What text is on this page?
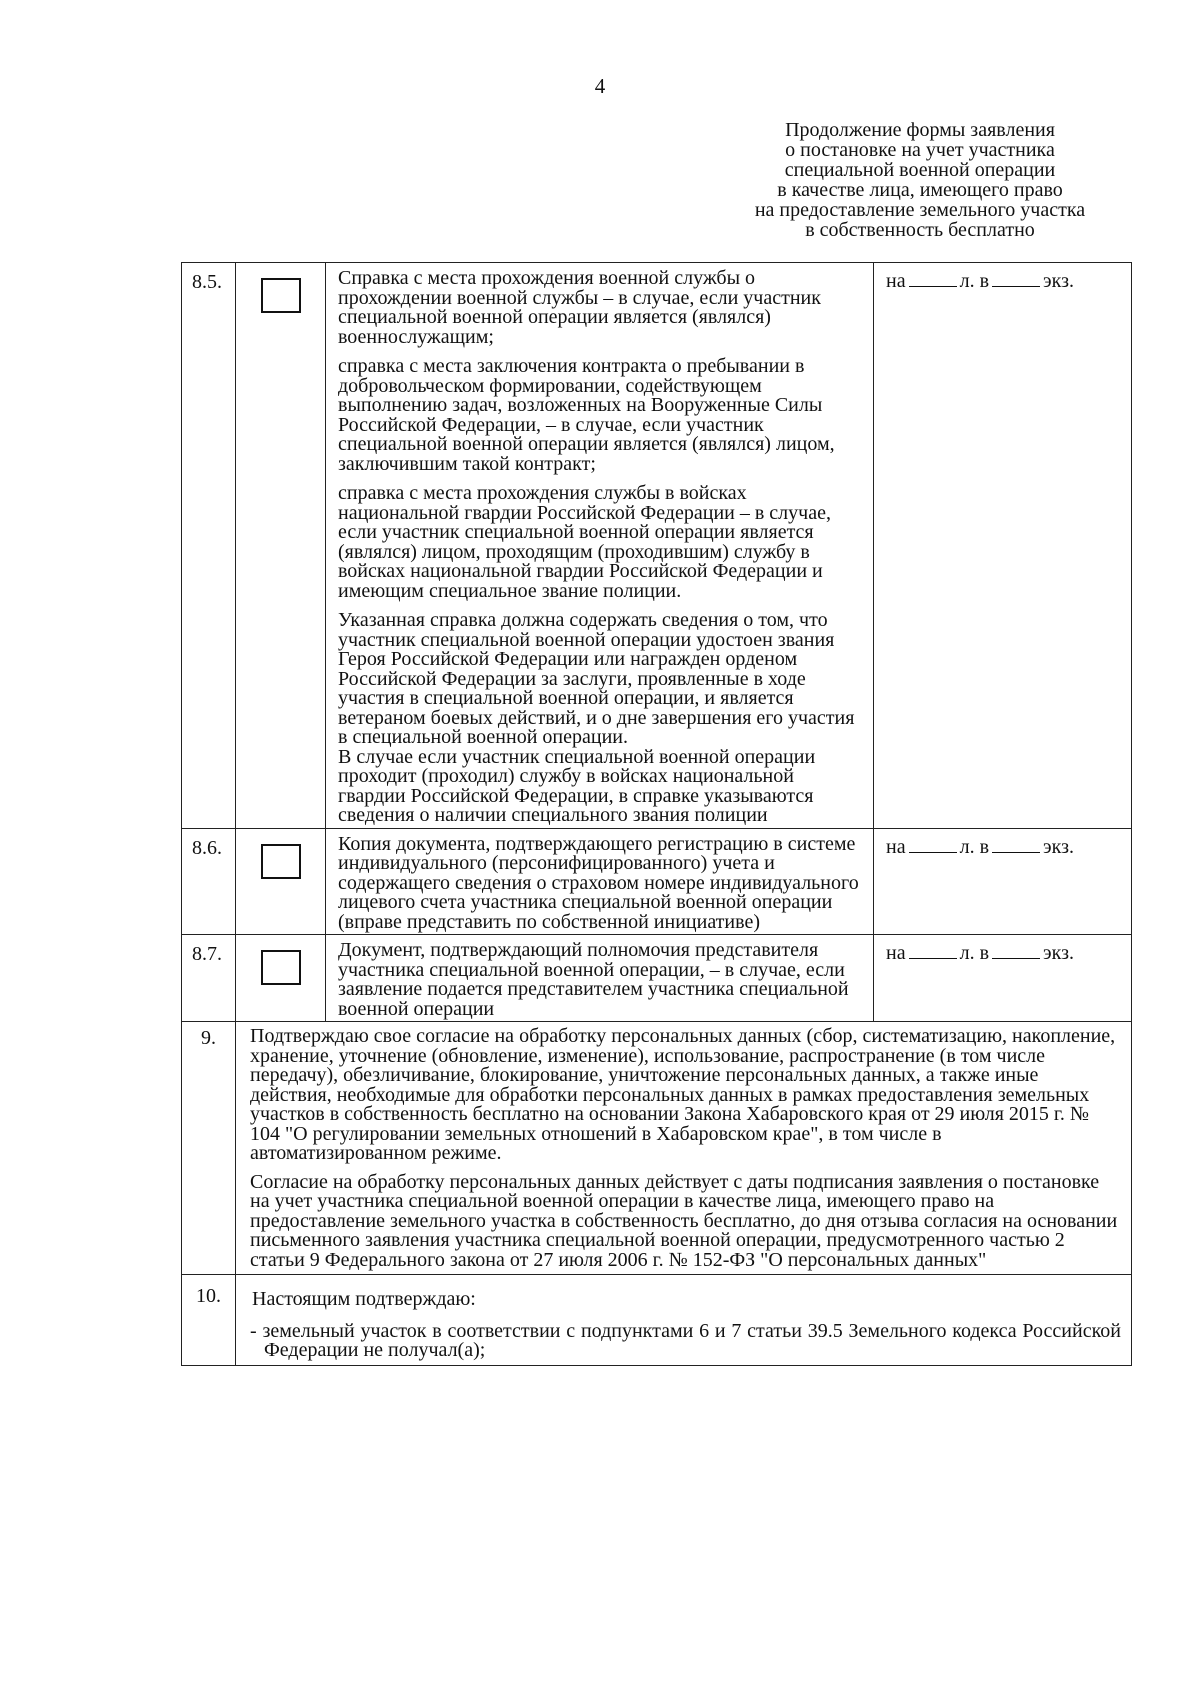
4
Продолжение формы заявления
о постановке на учет участника
специальной военной операции
в качестве лица, имеющего право
на предоставление земельного участка
в собственность бесплатно
8.5.		Справка с места прохождения военной службы о прохождении военной службы – в случае, если участник специальной военной операции является (являлся) военнослужащим;

справка с места заключения контракта о пребывании в добровольческом формировании, содействующем выполнению задач, возложенных на Вооруженные Силы Российской Федерации, – в случае, если участник специальной военной операции является (являлся) лицом, заключившим такой контракт;

справка с места прохождения службы в войсках национальной гвардии Российской Федерации – в случае, если участник специальной военной операции является (являлся) лицом, проходящим (проходившим) службу в войсках национальной гвардии Российской Федерации и имеющим специальное звание полиции.

Указанная справка должна содержать сведения о том, что участник специальной военной операции удостоен звания Героя Российской Федерации или награжден орденом Российской Федерации за заслуги, проявленные в ходе участия в специальной военной операции, и является ветераном боевых действий, и о дне завершения его участия в специальной военной операции.

В случае если участник специальной военной операции проходит (проходил) службу в войсках национальной гвардии Российской Федерации, в справке указываются сведения о наличии специального звания полиции	на л. в экз.
8.6.		Копия документа, подтверждающего регистрацию в системе индивидуального (персонифицированного) учета и содержащего сведения о страховом номере индивидуального лицевого счета участника специальной военной операции (вправе представить по собственной инициативе)	на л. в экз.
8.7.		Документ, подтверждающий полномочия представителя участника специальной военной операции, – в случае, если заявление подается представителем участника специальной военной операции	на л. в экз.
9.	Подтверждаю свое согласие на обработку персональных данных (сбор, систематизацию, накопление, хранение, уточнение (обновление, изменение), использование, распространение (в том числе передачу), обезличивание, блокирование, уничтожение персональных данных, а также иные действия, необходимые для обработки персональных данных в рамках предоставления земельных участков в собственность бесплатно на основании Закона Хабаровского края от 29 июля 2015 г. № 104 "О регулировании земельных отношений в Хабаровском крае", в том числе в автоматизированном режиме.

Согласие на обработку персональных данных действует с даты подписания заявления о постановке на учет участника специальной военной операции в качестве лица, имеющего право на предоставление земельного участка в собственность бесплатно, до дня отзыва согласия на основании письменного заявления участника специальной военной операции, предусмотренного частью 2 статьи 9 Федерального закона от 27 июля 2006 г. № 152-ФЗ "О персональных данных"		

10.	Настоящим подтверждаю:

- земельный участок в соответствии с подпунктами 6 и 7 статьи 39.5 Земельного кодекса Российской Федерации не получал(а);		
